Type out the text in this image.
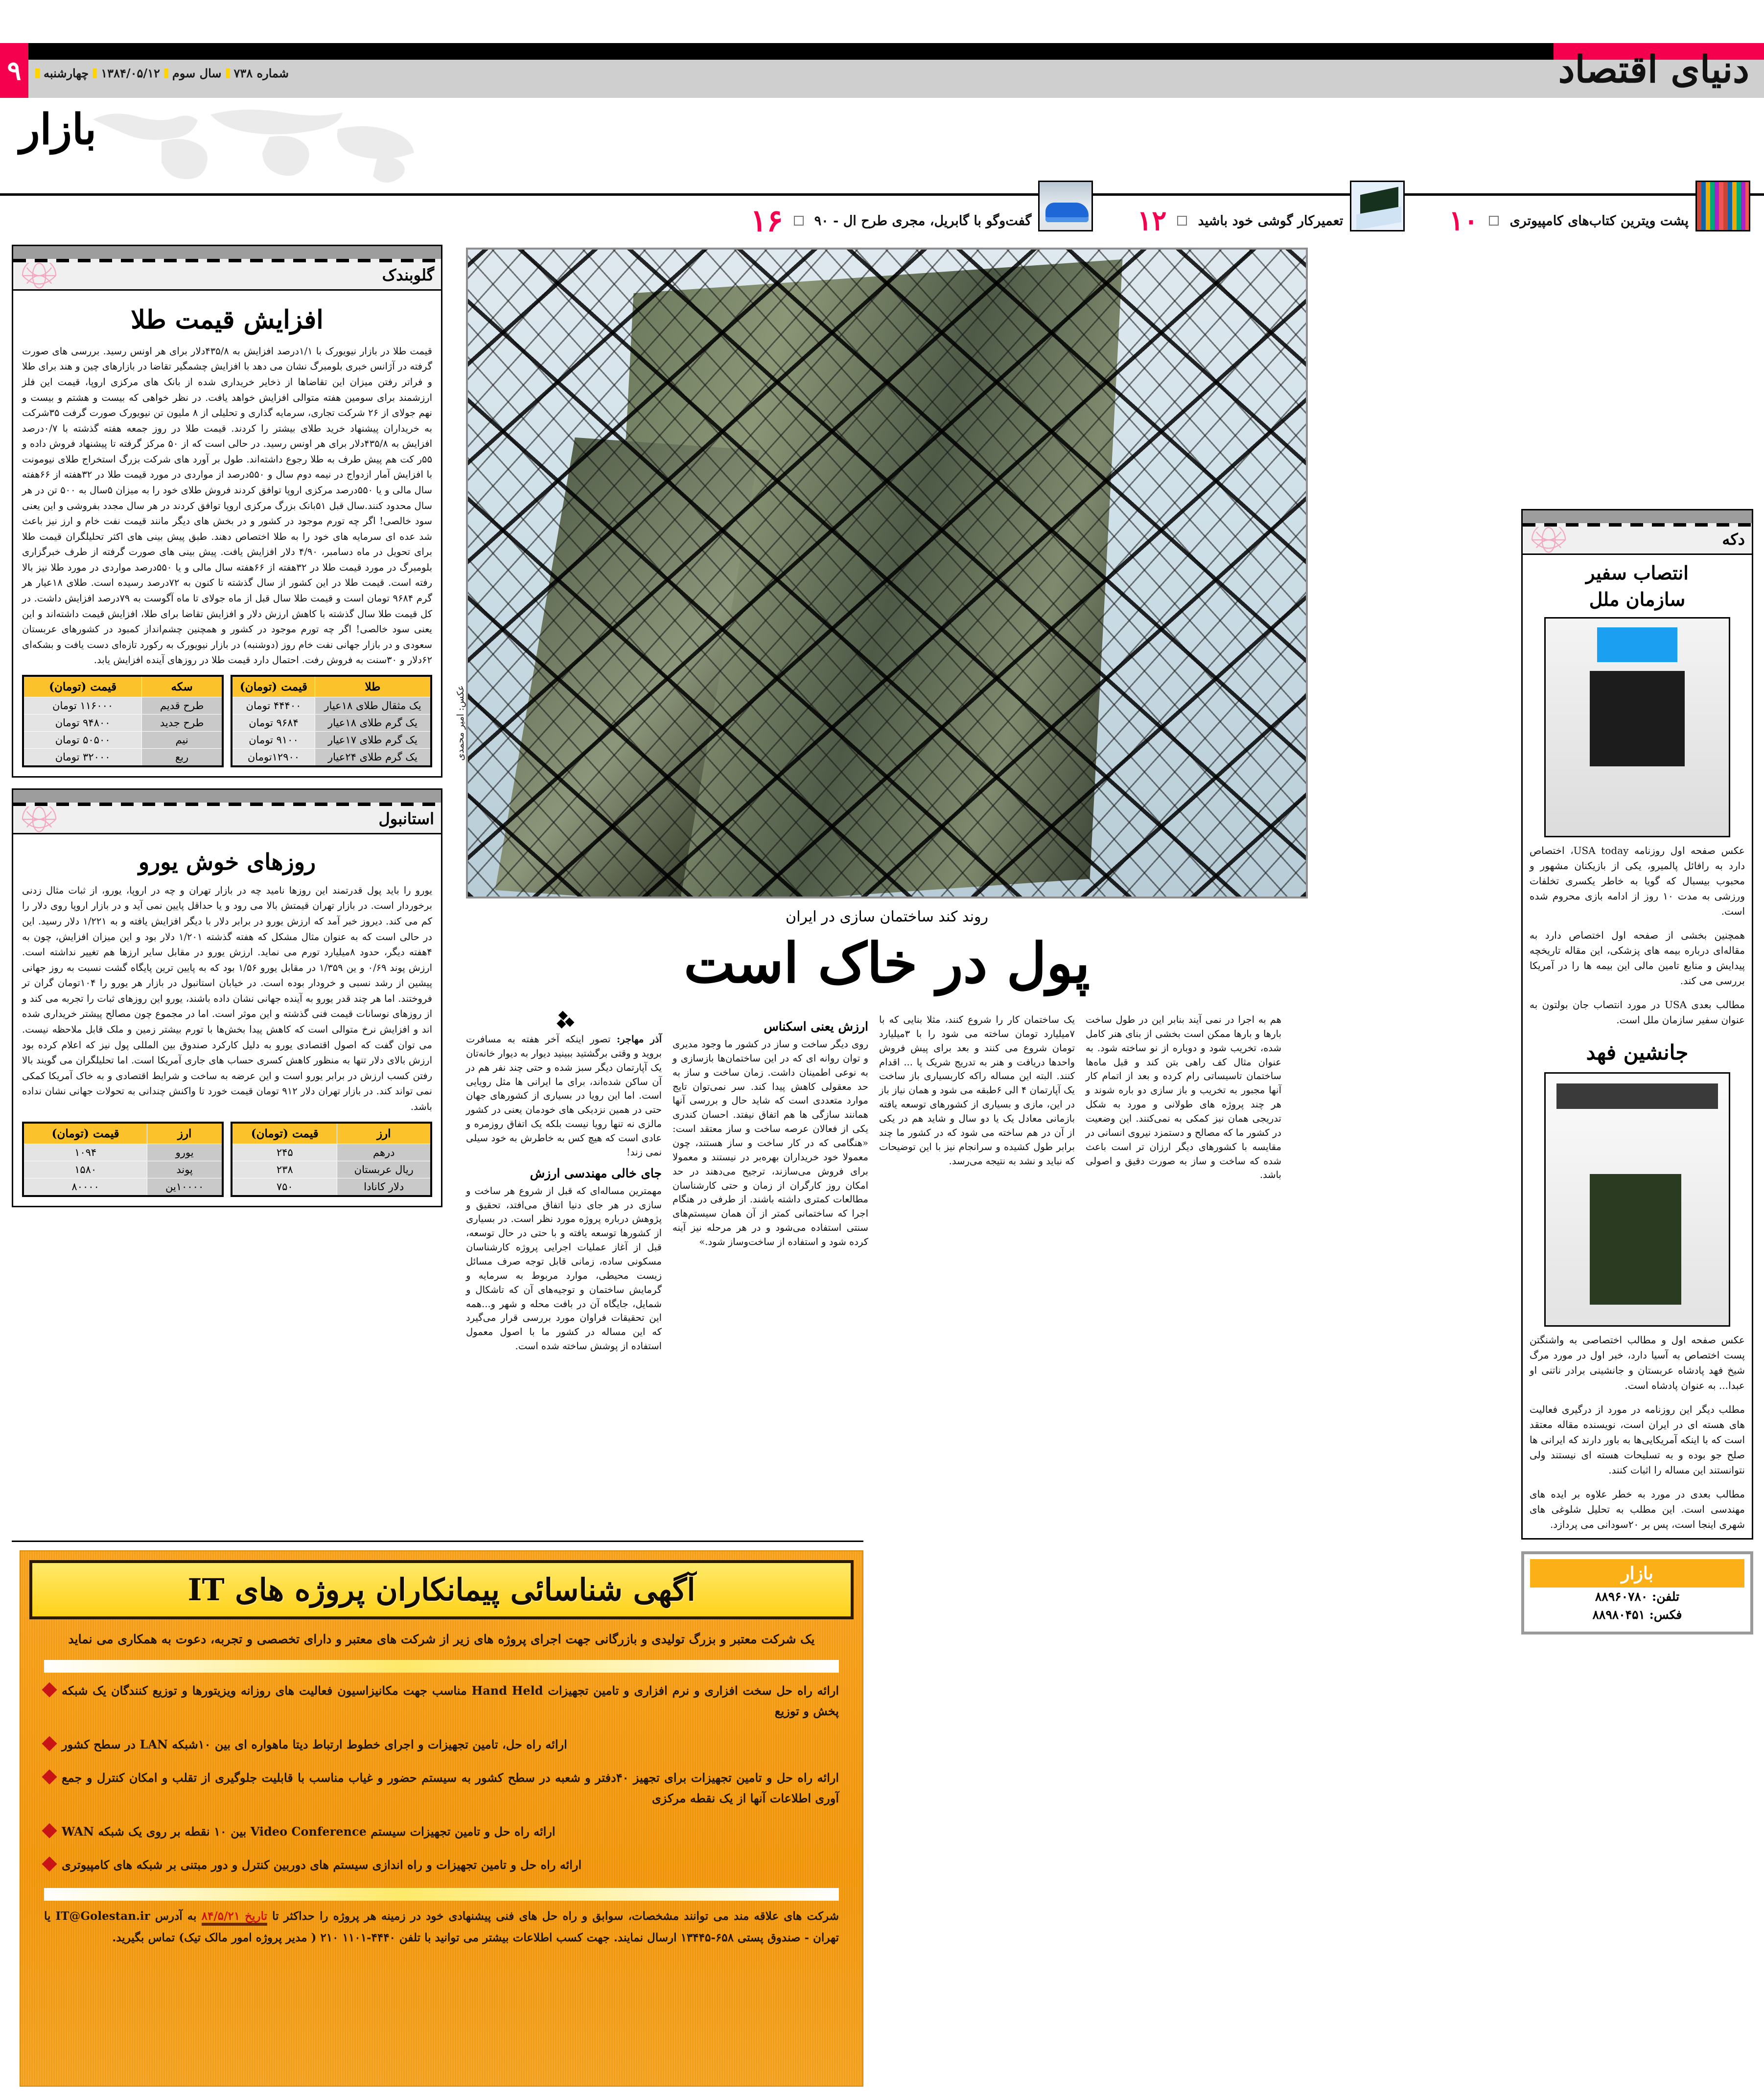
دنیای اقتصاد
۹	چهارشنبه ۱۳۸۴/۰۵/۱۲ سال سوم شماره ۷۳۸
بازار
پشت ویترین کتاب‌های کامپیوتری
۱۰
تعمیرکار گوشی خود باشید
۱۲
گفت‌وگو با گابریل، مجری طرح ال - ۹۰
۱۶
گلوبندک
افزایش قیمت طلا
قیمت طلا در بازار نیویورک با ۱/۱درصد افزایش به ۴۳۵/۸دلار برای هر اونس رسید. بررسی های صورت گرفته در آژانس خبری بلومبرگ نشان می دهد با افزایش چشمگیر تقاضا در بازارهای چین و هند برای طلا و فراتر رفتن میزان این تقاضاها از ذخایر خریداری شده از بانک های مرکزی اروپا، قیمت این فلز ارزشمند برای سومین هفته متوالی افزایش خواهد یافت. در نظر خواهی که بیست و هشتم و بیست و نهم جولای از ۲۶ شرکت تجاری، سرمایه گذاری و تحلیلی از ۸ ملیون تن نیویورک صورت گرفت ۳۵شرکت به خریداران پیشنهاد خرید طلای بیشتر را کردند. قیمت طلا در روز جمعه هفته گذشته با ۰/۷درصد افزایش به ۴۳۵/۸دلار برای هر اونس رسید. در حالی است که از ۵۰ مرکز گرفته تا پیشنهاد فروش داده و ۵۵ر کت هم پیش طرف به طلا رجوع داشته‌اند. طول بر آورد های شرکت بزرگ استخراج طلای نیومونت با افزایش آمار ازدواج در نیمه دوم سال و ۵۵۰درصد از مواردی در مورد قیمت طلا در ۳۲هفته از ۶۶هفته سال مالی و یا ۵۵۰درصد مرکزی اروپا توافق کردند فروش طلای خود را به میزان ۵سال به ۵۰۰ تن در هر سال محدود کنند.سال قبل ۵۱بانک بزرگ مرکزی اروپا توافق کردند در هر سال مجدد بفروشی و این یعنی سود خالصی! اگر چه تورم موجود در کشور و در بخش های دیگر مانند قیمت نفت خام و ارز نیز باعث شد عده ای سرمایه های خود را به طلا اختصاص دهند. طبق پیش بینی های اکثر تحلیلگران قیمت طلا برای تحویل در ماه دسامبر، ۴/۹۰ دلار افزایش یافت. پیش بینی های صورت گرفته از طرف خبرگزاری بلومبرگ در مورد قیمت طلا در ۳۲هفته از ۶۶هفته سال مالی و یا ۵۵۰درصد مواردی در مورد طلا نیز بالا رفته است. قیمت طلا در این کشور از سال گذشته تا کنون به ۷۲درصد رسیده است. طلای ۱۸عیار هر گرم ۹۶۸۴ تومان است و قیمت طلا سال قبل از ماه جولای تا ماه آگوست به ۷۹درصد افزایش داشت. در کل قیمت طلا سال گذشته با کاهش ارزش دلار و افزایش تقاضا برای طلا، افزایش قیمت داشته‌اند و این یعنی سود خالصی! اگر چه تورم موجود در کشور و همچنین چشم‌انداز کمبود در کشورهای عربستان سعودی و در بازار جهانی نفت خام روز (دوشنبه) در بازار نیویورک به رکورد تازه‌ای دست یافت و بشکه‌ای ۶۲دلار و ۳۰سنت به فروش رفت. احتمال دارد قیمت طلا در روزهای آینده افزایش یابد.
سکه	قیمت (تومان)
طرح قدیم	۱۱۶۰۰۰ تومان
طرح جدید	۹۴۸۰۰ تومان
نیم	۵۰۵۰۰ تومان
ربع	۳۲۰۰۰ تومان
طلا	قیمت (تومان)
یک مثقال طلای ۱۸عیار	۴۴۴۰۰ تومان
یک گرم طلای ۱۸عیار	۹۶۸۴ تومان
یک گرم طلای ۱۷عیار	۹۱۰۰ تومان
یک گرم طلای ۲۴عیار	۱۲۹۰۰تومان
استانبول
روزهای خوش یورو
یورو را باید پول قدرتمند این روزها نامید چه در بازار تهران و چه در اروپا، یورو، از ثبات مثال زدنی برخوردار است. در بازار تهران قیمتش بالا می رود و یا حداقل پایین نمی آید و در بازار اروپا روی دلار را کم می کند. دیروز خبر آمد که ارزش یورو در برابر دلار با دیگر افزایش یافته و به ۱/۲۲۱ دلار رسید. این در حالی است که به عنوان مثال مشکل که هفته گذشته ۱/۲۰۱ دلار بود و این میزان افزایش، چون به ۴هفته دیگر، حدود ۸میلیارد تورم می نماید. ارزش یورو در مقابل سایر ارزها هم تغییر نداشته است. ارزش پوند ۰/۶۹ و ین ۱/۳۵۹ در مقابل یورو ۱/۵۶ بود که به پایین ترین پایگاه گشت نسبت به روز جهانی پیشین از رشد نسبی و خرودار بوده است. در خیابان استانبول در بازار هر یورو را ۱۰۴تومان گران تر فروختند. اما هر چند قدر یورو به آینده جهانی نشان داده باشند، یورو این روزهای ثبات را تجربه می کند و از روزهای نوسانات قیمت فنی گذشته و این موثر است. اما در مجموع چون مصالح پیشتر خریداری شده اند و افزایش نرخ متوالی است که کاهش پیدا بخش‌ها با تورم بیشتر زمین و ملک قابل ملاحظه نیست. می توان گفت که اصول اقتصادی یورو به دلیل کارکرد صندوق بین المللی پول نیز که اعلام کرده بود ارزش بالای دلار تنها به منظور کاهش کسری حساب های جاری آمریکا است. اما تحلیلگران می گویند بالا رفتن کسب ارزش در برابر یورو است و این عرضه به ساخت و شرایط اقتصادی و به خاک آمریکا کمکی نمی تواند کند. در بازار تهران دلار ۹۱۲ تومان قیمت خورد تا واکنش چندانی به تحولات جهانی نشان نداده باشد.
ارز	قیمت (تومان)
یورو	۱۰۹۴
پوند	۱۵۸۰
۱۰۰۰۰ین	۸۰۰۰۰
ارز	قیمت (تومان)
درهم	۲۴۵
ریال عربستان	۲۳۸
دلار کانادا	۷۵۰
عکس: امیر محمدی
روند کند ساختمان سازی در ایران
پول در خاک است

آذر مهاجر: تصور اینکه آخر هفته به مسافرت بروید و وقتی برگشتید ببینید دیوار به دیوار خانه‌تان یک آپارتمان دیگر سبز شده و حتی چند نفر هم در آن ساکن شده‌اند، برای ما ایرانی ها مثل رویایی است. اما این رویا در بسیاری از کشورهای جهان حتی در همین نزدیکی های خودمان یعنی در کشور مالزی نه تنها رویا نیست بلکه یک اتفاق روزمره و عادی است که هیچ کس به خاطرش به خود سیلی نمی زند!

جای خالی مهندسی ارزش

مهمترین مساله‌ای که قبل از شروع هر ساخت و سازی در هر جای دنیا اتفاق می‌افتد، تحقیق و پژوهش درباره پروژه مورد نظر است. در بسیاری از کشورها توسعه یافته و با حتی در حال توسعه، قبل از آغاز عملیات اجرایی پروژه کارشناسان مسکونی ساده، زمانی قابل توجه صرف مسائل زیست محیطی، موارد مربوط به سرمایه و گرمایش ساختمان و توجیه‌های آن که تاشکال و شمایل، جایگاه آن در بافت محله و شهر و...همه این تحقیقات فراوان مورد بررسی قرار می‌گیرد که این مساله در کشور ما با اصول معمول استفاده از پوشش ساخته شده است.

ارزش یعنی اسکناس

روی دیگر ساخت و ساز در کشور ما وجود مدیری و توان روانه ای که در این ساختمان‌ها بازسازی و به نوعی اطمینان داشت. زمان ساخت و ساز به حد معقولی کاهش پیدا کند. سر نمی‌توان تایج موارد متعددی است که شاید حال و بررسی آنها همانند سازگی ها هم اتفاق نیفتد. احسان کندری یکی از فعالان عرصه ساخت و ساز معتقد است: «هنگامی که در کار ساخت و ساز هستند، چون معمولا خود خریداران بهره‌بر در نیستند و معمولا برای فروش می‌سازند، ترجیح می‌دهند در حد امکان روز کارگران از زمان و حتی کارشناسان مطالعات کمتری داشته باشند. از طرفی در هنگام اجرا که ساختمانی کمتر از آن همان سیستم‌های سنتی استفاده می‌شود و در هر مرحله نیز آینه کرده شود و استفاده از ساخت‌وساز شود.»

یک ساختمان کار را شروع کنند، مثلا بنایی که با ۷میلیارد تومان ساخته می شود را با ۳میلیارد تومان شروع می کنند و بعد برای پیش فروش واحدها دریافت و هنر به تدریج شریک پا ... اقدام کنند. البته این مساله راکه کاربسیاری باز ساخت یک آپارتمان ۴ الی ۶طبقه می شود و همان نیاز باز در این، مازی و بسیاری از کشورهای توسعه یافته بازمانی معادل یک یا دو سال و شاید هم در یکی از آن در هم ساخته می شود که در کشور ما چند برابر طول کشیده و سرانجام نیز با این توضیحات که نباید و نشد به نتیجه می‌رسد.

هم به اجرا در نمی آیند بنابر این در طول ساخت بارها و بارها ممکن است بخشی از بنای هنر کامل شده، تخریب شود و دوباره از نو ساخته شود. به عنوان مثال کف راهی بتن کند و قبل ماه‌ها ساختمان تاسیساتی رام کرده و بعد از اتمام کار آنها مجبور به تخریب و باز سازی دو باره شوند و هر چند پروژه های طولانی و مورد به شکل تدریجی همان نیز کمکی به نمی‌کنند. این وضعیت در کشور ما که مصالح و دستمزد نیروی انسانی در مقایسه با کشورهای دیگر ارزان تر است باعث شده که ساخت و ساز به صورت دقیق و اصولی باشد.

دکه
انتصاب سفیر
سازمان ملل
عکس صفحه اول روزنامه USA today، اختصاص دارد به رافائل پالمیرو، یکی از بازیکنان مشهور و محبوب بیسبال که گویا به خاطر یکسری تخلفات ورزشی به مدت ۱۰ روز از ادامه بازی محروم شده است.
همچنین بخشی از صفحه اول اختصاص دارد به مقاله‌ای درباره بیمه های پزشکی، این مقاله تاریخچه پیدایش و منابع تامین مالی این بیمه ها را در آمریکا بررسی می کند.
مطالب بعدی USA در مورد انتصاب جان بولتون به عنوان سفیر سازمان ملل است.
جانشین فهد
عکس صفحه اول و مطالب اختصاصی به واشنگتن پست اختصاص به آسیا دارد، خبر اول در مورد مرگ شیخ فهد پادشاه عربستان و جانشینی برادر ناتنی او عبدا... به عنوان پادشاه است.
مطلب دیگر این روزنامه در مورد از درگیری فعالیت های هسته ای در ایران است، نویسنده مقاله معتقد است که با اینکه آمریکایی‌ها به باور دارند که ایرانی ها صلح جو بوده و به تسلیحات هسته ای نیستند ولی نتوانستند این مساله را اثبات کنند.
مطالب بعدی در مورد به خطر علاوه بر ایده های مهندسی است. این مطلب به تحلیل شلوغی های شهری اینجا است، پس بر ۲۰سودانی می پردازد.
بازار
تلفن: ۸۸۹۶۰۷۸۰
فکس: ۸۸۹۸۰۴۵۱
آگهی شناسائی پیمانکاران پروژه های IT
یک شرکت معتبر و بزرگ تولیدی و بازرگانی جهت اجرای پروژه های زیر از شرکت های معتبر و دارای تخصصی و تجربه، دعوت به همکاری می نماید
ارائه راه حل سخت افزاری و نرم افزاری و تامین تجهیزات Hand Held مناسب جهت مکانیزاسیون فعالیت های روزانه ویزیتورها و توزیع کنندگان یک شبکه پخش و توزیع
ارائه راه حل، تامین تجهیزات و اجرای خطوط ارتباط دیتا ماهواره ای بین ۱۰شبکه LAN در سطح کشور
ارائه راه حل و تامین تجهیزات برای تجهیز ۴۰دفتر و شعبه در سطح کشور به سیستم حضور و غیاب مناسب با قابلیت جلوگیری از تقلب و امکان کنترل و جمع آوری اطلاعات آنها از یک نقطه مرکزی
ارائه راه حل و تامین تجهیزات سیستم Video Conference بین ۱۰ نقطه بر روی یک شبکه WAN
ارائه راه حل و تامین تجهیزات و راه اندازی سیستم های دوربین کنترل و دور مبتنی بر شبکه های کامپیوتری
شرکت های علاقه مند می توانند مشخصات، سوابق و راه حل های فنی پیشنهادی خود در زمینه هر پروژه را حداکثر تا تاریخ ۸۴/۵/۲۱ به آدرس IT@Golestan.ir یا تهران - صندوق پستی ۶۵۸-۱۳۴۴۵ ارسال نمایند. جهت کسب اطلاعات بیشتر می توانید با تلفن ۴۴۴۰-۱۱۰۱ ۲۱۰ ( مدیر پروژه امور مالک تیک) تماس بگیرید.
